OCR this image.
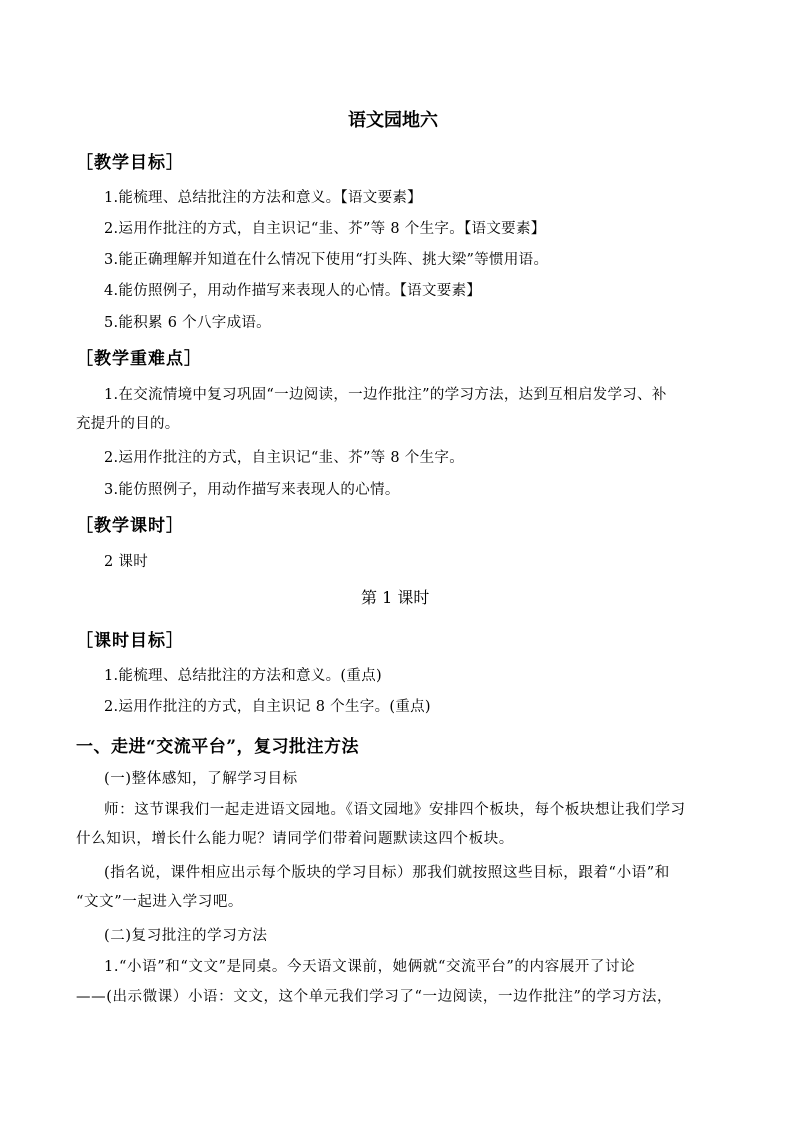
语文园地六
［教学目标］
1.能梳理、总结批注的方法和意义。【语文要素】
2.运用作批注的方式，自主识记“韭、芥”等 8 个生字。【语文要素】
3.能正确理解并知道在什么情况下使用“打头阵、挑大梁”等惯用语。
4.能仿照例子，用动作描写来表现人的心情。【语文要素】
5.能积累 6 个八字成语。
［教学重难点］
1.在交流情境中复习巩固“一边阅读，一边作批注”的学习方法，达到互相启发学习、补
充提升的目的。
2.运用作批注的方式，自主识记“韭、芥”等 8 个生字。
3.能仿照例子，用动作描写来表现人的心情。
［教学课时］
2 课时
第 1 课时
［课时目标］
1.能梳理、总结批注的方法和意义。(重点)
2.运用作批注的方式，自主识记 8 个生字。(重点)
一、走进“交流平台”，复习批注方法
(一)整体感知，了解学习目标
师：这节课我们一起走进语文园地。《语文园地》安排四个板块，每个板块想让我们学习
什么知识，增长什么能力呢？请同学们带着问题默读这四个板块。
(指名说，课件相应出示每个版块的学习目标）那我们就按照这些目标，跟着“小语”和
“文文”一起进入学习吧。
(二)复习批注的学习方法
1.“小语”和“文文”是同桌。今天语文课前，她俩就“交流平台”的内容展开了讨论
——(出示微课）小语：文文，这个单元我们学习了“一边阅读，一边作批注”的学习方法，
